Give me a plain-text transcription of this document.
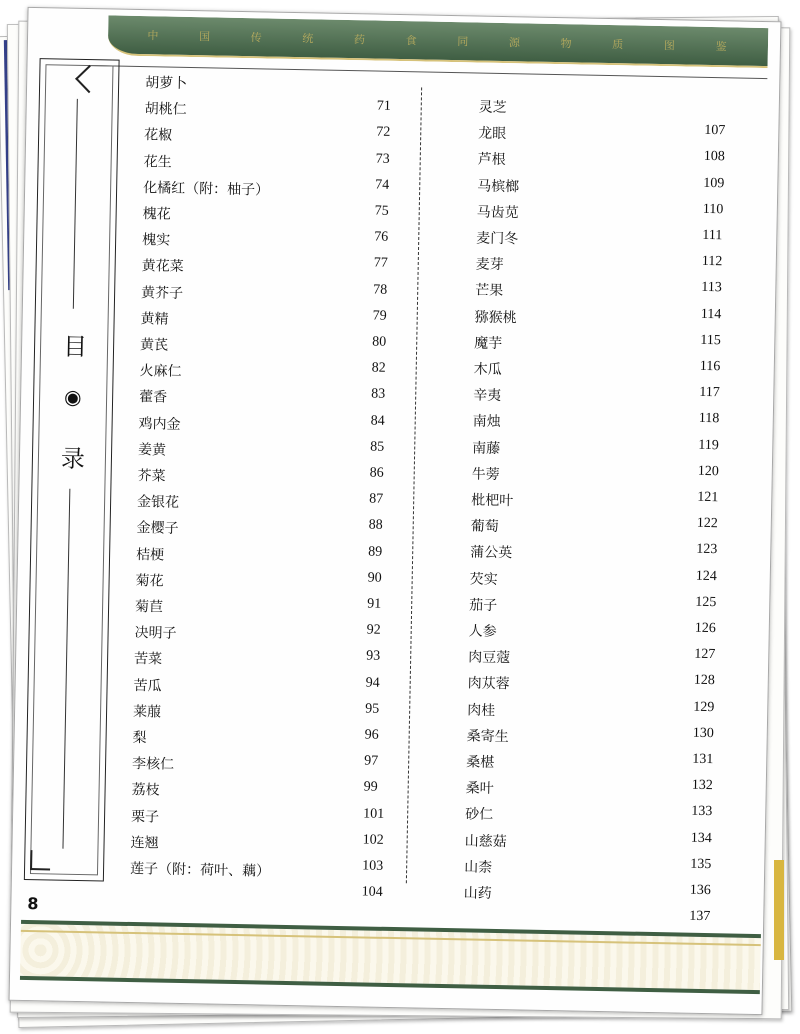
中	国	传	统	药	食	同	源	物	质	图	鉴
目
◉
录
胡萝卜
胡桃仁	71
花椒	72
花生	73
化橘红（附：柚子）	74
槐花	75
槐实	76
黄花菜	77
黄芥子	78
黄精	79
黄芪	80
火麻仁	82
藿香	83
鸡内金	84
姜黄	85
芥菜	86
金银花	87
金樱子	88
桔梗	89
菊花	90
菊苣	91
决明子	92
苦菜	93
苦瓜	94
莱菔	95
梨	96
李核仁	97
荔枝	99
栗子	101
连翘	102
莲子（附：荷叶、藕）	103
104
灵芝
龙眼	107
芦根	108
马槟榔	109
马齿苋	110
麦门冬	111
麦芽	112
芒果	113
猕猴桃	114
魔芋	115
木瓜	116
辛夷	117
南烛	118
南藤	119
牛蒡	120
枇杷叶	121
葡萄	122
蒲公英	123
芡实	124
茄子	125
人参	126
肉豆蔻	127
肉苁蓉	128
肉桂	129
桑寄生	130
桑椹	131
桑叶	132
砂仁	133
山慈菇	134
山柰	135
山药	136
137
8
